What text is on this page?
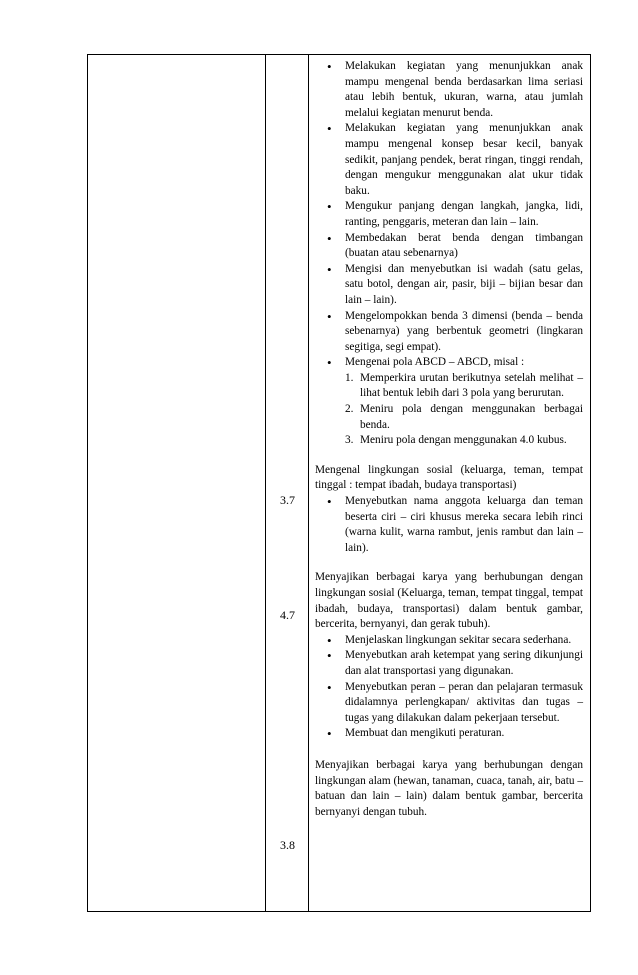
3.7
4.7
3.8
• Melakukan kegiatan yang menunjukkan anak mampu mengenal benda berdasarkan lima seriasi atau lebih bentuk, ukuran, warna, atau jumlah melalui kegiatan menurut benda.
• Melakukan kegiatan yang menunjukkan anak mampu mengenal konsep besar kecil, banyak sedikit, panjang pendek, berat ringan, tinggi rendah, dengan mengukur menggunakan alat ukur tidak baku.
• Mengukur panjang dengan langkah, jangka, lidi, ranting, penggaris, meteran dan lain – lain.
• Membedakan berat benda dengan timbangan (buatan atau sebenarnya)
• Mengisi dan menyebutkan isi wadah (satu gelas, satu botol, dengan air, pasir, biji – bijian besar dan lain – lain).
• Mengelompokkan benda 3 dimensi (benda – benda sebenarnya) yang berbentuk geometri (lingkaran segitiga, segi empat).
• Mengenai pola ABCD – ABCD, misal :
1. Memperkira urutan berikutnya setelah melihat – lihat bentuk lebih dari 3 pola yang berurutan.
2. Meniru pola dengan menggunakan berbagai benda.
3. Meniru pola dengan menggunakan 4.0 kubus.

Mengenal lingkungan sosial (keluarga, teman, tempat tinggal : tempat ibadah, budaya transportasi)

• Menyebutkan nama anggota keluarga dan teman beserta ciri – ciri khusus mereka secara lebih rinci (warna kulit, warna rambut, jenis rambut dan lain – lain).

Menyajikan berbagai karya yang berhubungan dengan lingkungan sosial (Keluarga, teman, tempat tinggal, tempat ibadah, budaya, transportasi) dalam bentuk gambar, bercerita, bernyanyi, dan gerak tubuh).

• Menjelaskan lingkungan sekitar secara sederhana.
• Menyebutkan arah ketempat yang sering dikunjungi dan alat transportasi yang digunakan.
• Menyebutkan peran – peran dan pelajaran termasuk didalamnya perlengkapan/ aktivitas dan tugas – tugas yang dilakukan dalam pekerjaan tersebut.
• Membuat dan mengikuti peraturan.

Menyajikan berbagai karya yang berhubungan dengan lingkungan alam (hewan, tanaman, cuaca, tanah, air, batu – batuan dan lain – lain) dalam bentuk gambar, bercerita bernyanyi dengan tubuh.
